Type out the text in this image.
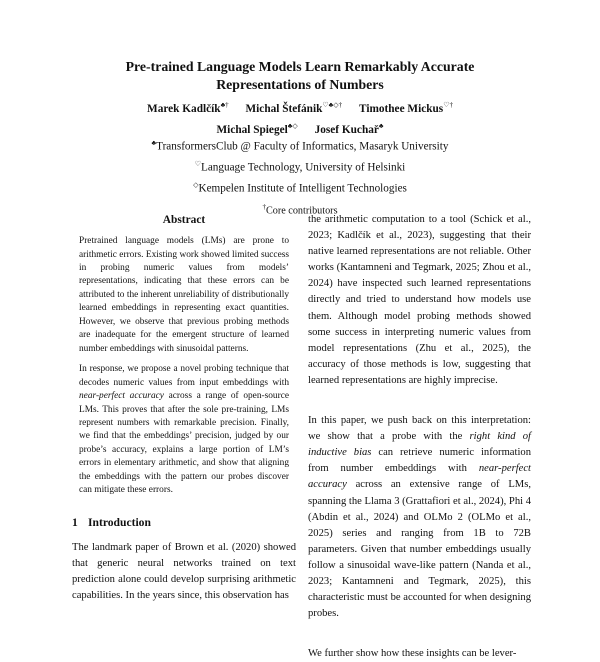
Pre-trained Language Models Learn Remarkably Accurate
Representations of Numbers
Marek Kadlčík♣† Michal Štefánik♡♣◇† Timothee Mickus♡†
Michal Spiegel♣◇ Josef Kuchař♣
♣TransformersClub @ Faculty of Informatics, Masaryk University
♡Language Technology, University of Helsinki
◇Kempelen Institute of Intelligent Technologies
†Core contributors
Abstract

Pretrained language models (LMs) are prone to arithmetic errors. Existing work showed limited success in probing numeric values from models’ representations, indicating that these errors can be attributed to the inherent unreliability of distributionally learned embeddings in representing exact quantities. However, we observe that previous probing methods are inadequate for the emergent structure of learned number embeddings with sinusoidal patterns.

In response, we propose a novel probing technique that decodes numeric values from input embeddings with near-perfect accuracy across a range of open-source LMs. This proves that after the sole pre-training, LMs represent numbers with remarkable precision. Finally, we find that the embeddings’ precision, judged by our probe’s accuracy, explains a large portion of LM’s errors in elementary arithmetic, and show that aligning the embeddings with the pattern our probes discover can mitigate these errors.

1 Introduction

The landmark paper of Brown et al. (2020) showed that generic neural networks trained on text prediction alone could develop surprising arithmetic capabilities. In the years since, this observation has

the arithmetic computation to a tool (Schick et al., 2023; Kadlčík et al., 2023), suggesting that their native learned representations are not reliable. Other works (Kantamneni and Tegmark, 2025; Zhou et al., 2024) have inspected such learned representations directly and tried to understand how models use them. Although model probing methods showed some success in interpreting numeric values from model representations (Zhu et al., 2025), the accuracy of those methods is low, suggesting that learned representations are highly imprecise.

In this paper, we push back on this interpretation: we show that a probe with the right kind of inductive bias can retrieve numeric information from number embeddings with near-perfect accuracy across an extensive range of LMs, spanning the Llama 3 (Grattafiori et al., 2024), Phi 4 (Abdin et al., 2024) and OLMo 2 (OLMo et al., 2025) series and ranging from 1B to 72B parameters. Given that number embeddings usually follow a sinusoidal wave-like pattern (Nanda et al., 2023; Kantamneni and Tegmark, 2025), this characteristic must be accounted for when designing probes.

We further show how these insights can be lever-
